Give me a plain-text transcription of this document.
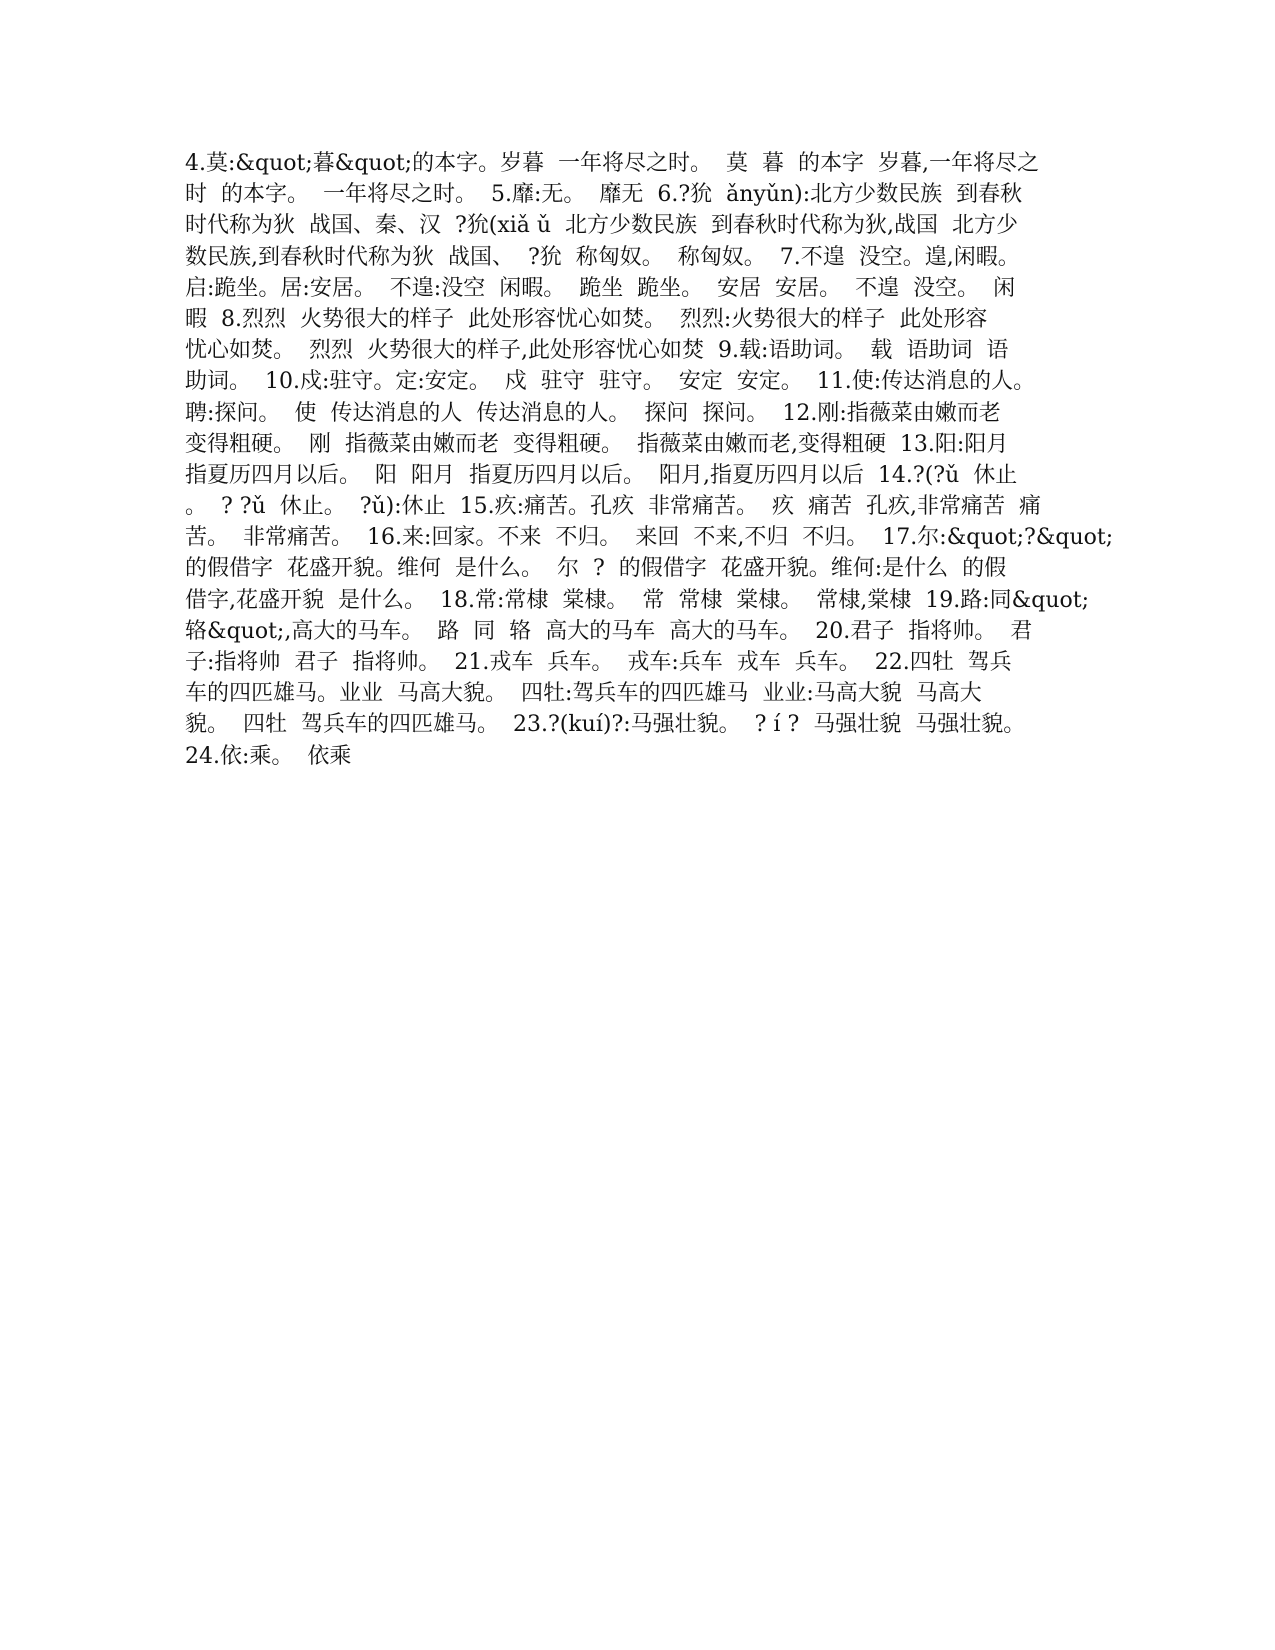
4.莫:&quot;暮&quot;的本字。岁暮  一年将尽之时。  莫  暮  的本字  岁暮,一年将尽之
时  的本字。  一年将尽之时。  5.靡:无。  靡无  6.?狁  ǎnyǔn):北方少数民族  到春秋
时代称为狄  战国、秦、汉  ?狁(xiǎ ǔ  北方少数民族  到春秋时代称为狄,战国  北方少
数民族,到春秋时代称为狄  战国、  ?狁  称匈奴。  称匈奴。  7.不遑  没空。遑,闲暇。
启:跪坐。居:安居。  不遑:没空  闲暇。  跪坐  跪坐。  安居  安居。  不遑  没空。  闲
暇  8.烈烈  火势很大的样子  此处形容忧心如焚。  烈烈:火势很大的样子  此处形容
忧心如焚。  烈烈  火势很大的样子,此处形容忧心如焚  9.载:语助词。  载  语助词  语
助词。  10.戍:驻守。定:安定。  戍  驻守  驻守。  安定  安定。  11.使:传达消息的人。
聘:探问。  使  传达消息的人  传达消息的人。  探问  探问。  12.刚:指薇菜由嫩而老
变得粗硬。  刚  指薇菜由嫩而老  变得粗硬。  指薇菜由嫩而老,变得粗硬  13.阳:阳月
指夏历四月以后。  阳  阳月  指夏历四月以后。  阳月,指夏历四月以后  14.?(?ǔ  休止
。  ? ?ǔ  休止。  ?ǔ):休止  15.疚:痛苦。孔疚  非常痛苦。  疚  痛苦  孔疚,非常痛苦  痛
苦。  非常痛苦。  16.来:回家。不来  不归。  来回  不来,不归  不归。  17.尔:&quot;?&quot;
的假借字  花盛开貌。维何  是什么。  尔  ?  的假借字  花盛开貌。维何:是什么  的假
借字,花盛开貌  是什么。  18.常:常棣  棠棣。  常  常棣  棠棣。  常棣,棠棣  19.路:同&quot;
辂&quot;,高大的马车。  路  同  辂  高大的马车  高大的马车。  20.君子  指将帅。  君
子:指将帅  君子  指将帅。  21.戎车  兵车。  戎车:兵车  戎车  兵车。  22.四牡  驾兵
车的四匹雄马。业业  马高大貌。  四牡:驾兵车的四匹雄马  业业:马高大貌  马高大
貌。  四牡  驾兵车的四匹雄马。  23.?(kuí)?:马强壮貌。  ? í ?  马强壮貌  马强壮貌。
24.依:乘。  依乘
